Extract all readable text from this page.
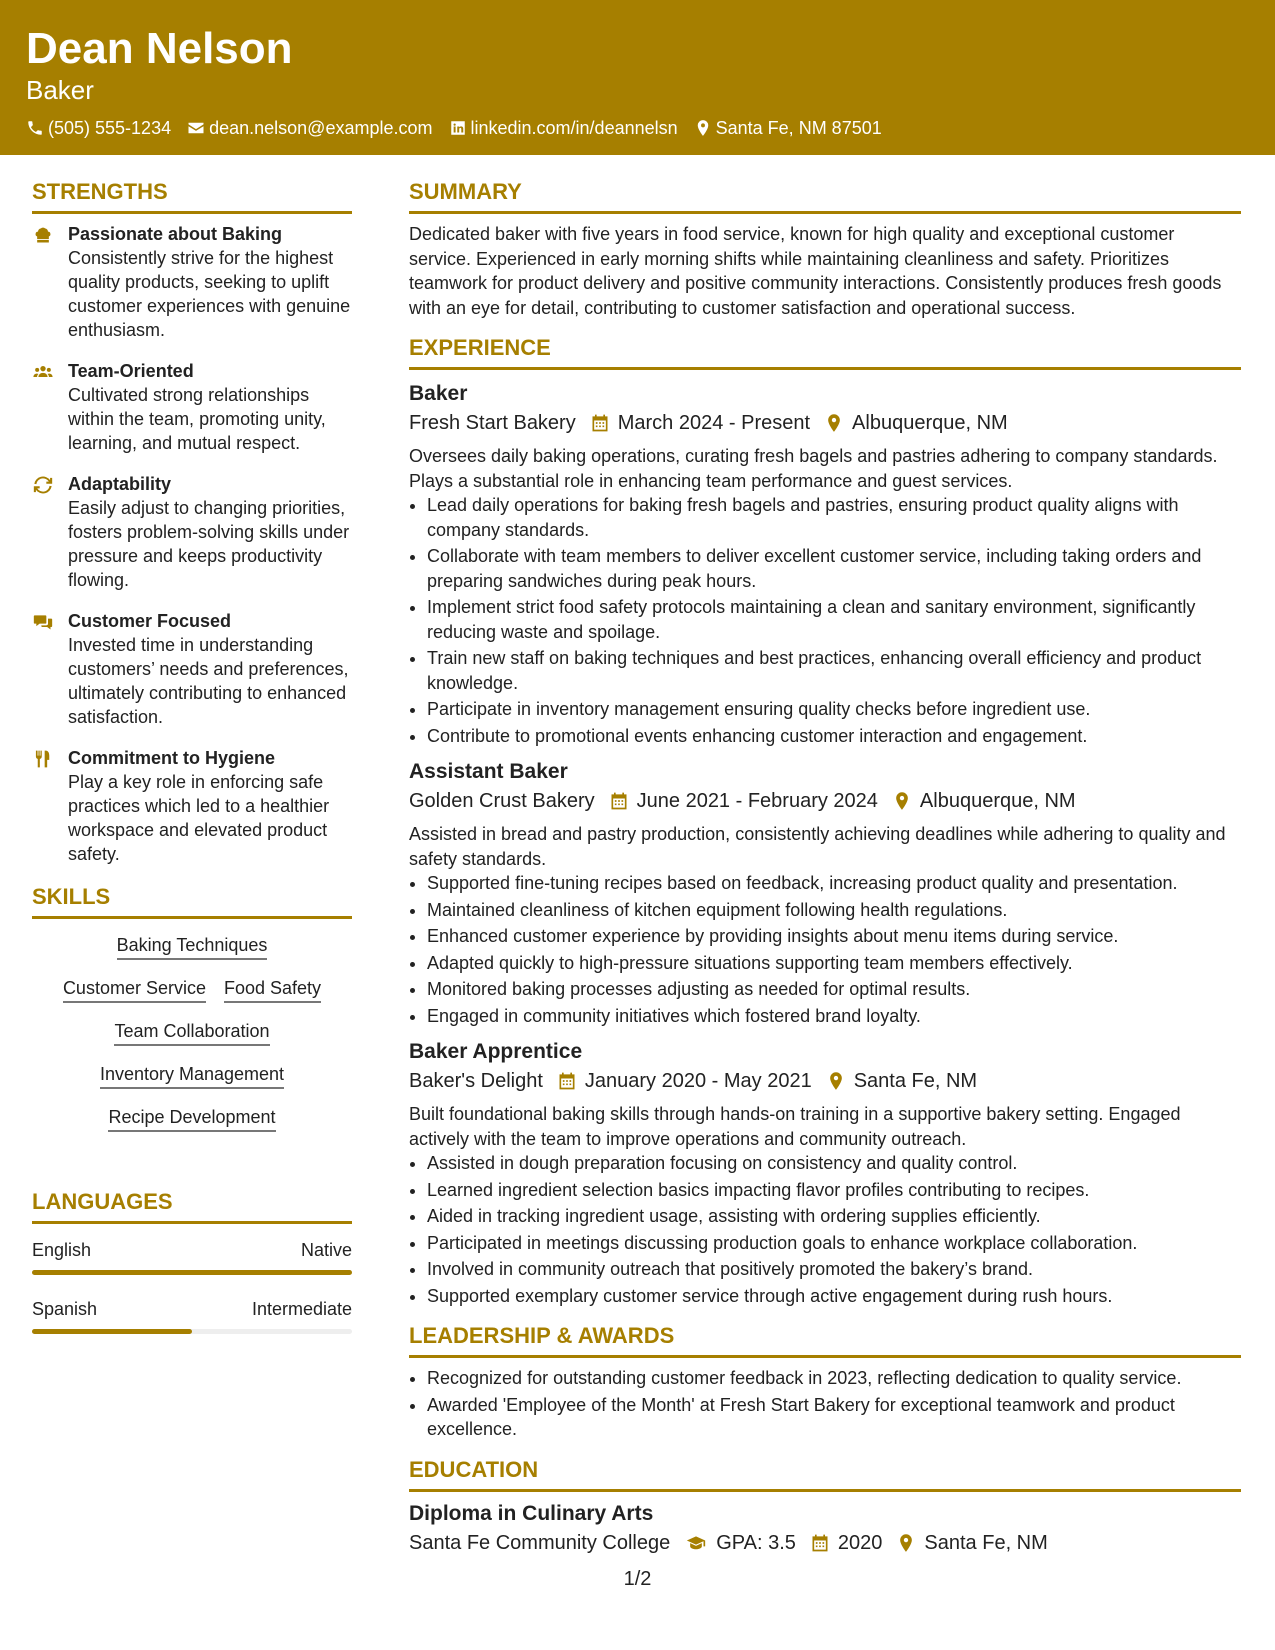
Dean Nelson
Baker
(505) 555-1234 dean.nelson@example.com linkedin.com/in/deannelsn Santa Fe, NM 87501
STRENGTHS
Passionate about Baking
Consistently strive for the highest quality products, seeking to uplift customer experiences with genuine enthusiasm.
Team-Oriented
Cultivated strong relationships within the team, promoting unity, learning, and mutual respect.
Adaptability
Easily adjust to changing priorities, fosters problem-solving skills under pressure and keeps productivity flowing.
Customer Focused
Invested time in understanding customers’ needs and preferences, ultimately contributing to enhanced satisfaction.
Commitment to Hygiene
Play a key role in enforcing safe practices which led to a healthier workspace and elevated product safety.
SKILLS
Baking Techniques
Customer Service Food Safety
Team Collaboration
Inventory Management
Recipe Development
LANGUAGES
English	Native
Spanish	Intermediate
SUMMARY
Dedicated baker with five years in food service, known for high quality and exceptional customer service. Experienced in early morning shifts while maintaining cleanliness and safety. Prioritizes teamwork for product delivery and positive community interactions. Consistently produces fresh goods with an eye for detail, contributing to customer satisfaction and operational success.
EXPERIENCE
Baker
Fresh Start Bakery March 2024 - Present Albuquerque, NM
Oversees daily baking operations, curating fresh bagels and pastries adhering to company standards. Plays a substantial role in enhancing team performance and guest services.
• Lead daily operations for baking fresh bagels and pastries, ensuring product quality aligns with company standards.
• Collaborate with team members to deliver excellent customer service, including taking orders and preparing sandwiches during peak hours.
• Implement strict food safety protocols maintaining a clean and sanitary environment, significantly reducing waste and spoilage.
• Train new staff on baking techniques and best practices, enhancing overall efficiency and product knowledge.
• Participate in inventory management ensuring quality checks before ingredient use.
• Contribute to promotional events enhancing customer interaction and engagement.
Assistant Baker
Golden Crust Bakery June 2021 - February 2024 Albuquerque, NM
Assisted in bread and pastry production, consistently achieving deadlines while adhering to quality and safety standards.
• Supported fine-tuning recipes based on feedback, increasing product quality and presentation.
• Maintained cleanliness of kitchen equipment following health regulations.
• Enhanced customer experience by providing insights about menu items during service.
• Adapted quickly to high-pressure situations supporting team members effectively.
• Monitored baking processes adjusting as needed for optimal results.
• Engaged in community initiatives which fostered brand loyalty.
Baker Apprentice
Baker's Delight January 2020 - May 2021 Santa Fe, NM
Built foundational baking skills through hands-on training in a supportive bakery setting. Engaged actively with the team to improve operations and community outreach.
• Assisted in dough preparation focusing on consistency and quality control.
• Learned ingredient selection basics impacting flavor profiles contributing to recipes.
• Aided in tracking ingredient usage, assisting with ordering supplies efficiently.
• Participated in meetings discussing production goals to enhance workplace collaboration.
• Involved in community outreach that positively promoted the bakery’s brand.
• Supported exemplary customer service through active engagement during rush hours.
LEADERSHIP & AWARDS
• Recognized for outstanding customer feedback in 2023, reflecting dedication to quality service.
• Awarded 'Employee of the Month' at Fresh Start Bakery for exceptional teamwork and product excellence.
EDUCATION
Diploma in Culinary Arts
Santa Fe Community College GPA: 3.5 2020 Santa Fe, NM
1/2
